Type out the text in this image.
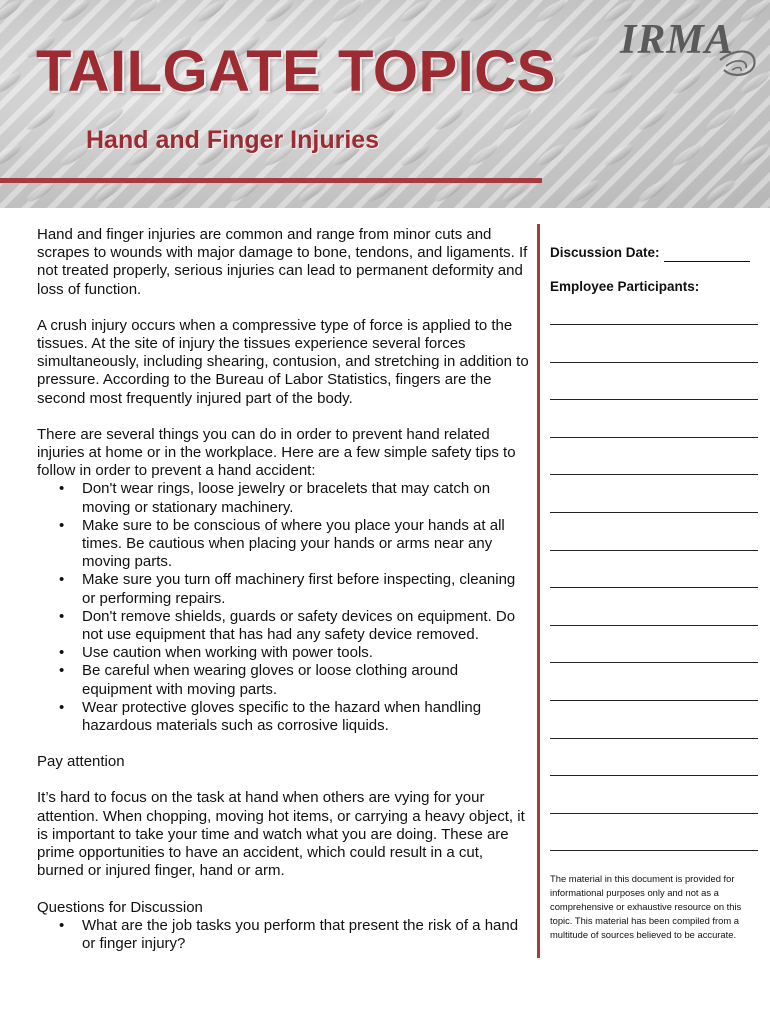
TAILGATE TOPICS
Hand and Finger Injuries
IRMA

Hand and finger injuries are common and range from minor cuts and scrapes to wounds with major damage to bone, tendons, and ligaments. If not treated properly, serious injuries can lead to permanent deformity and loss of function.

A crush injury occurs when a compressive type of force is applied to the tissues. At the site of injury the tissues experience several forces simultaneously, including shearing, contusion, and stretching in addition to pressure. According to the Bureau of Labor Statistics, fingers are the second most frequently injured part of the body.

There are several things you can do in order to prevent hand related injuries at home or in the workplace. Here are a few simple safety tips to follow in order to prevent a hand accident:

• Don't wear rings, loose jewelry or bracelets that may catch on moving or stationary machinery.
• Make sure to be conscious of where you place your hands at all times. Be cautious when placing your hands or arms near any moving parts.
• Make sure you turn off machinery first before inspecting, cleaning or performing repairs.
• Don't remove shields, guards or safety devices on equipment. Do not use equipment that has had any safety device removed.
• Use caution when working with power tools.
• Be careful when wearing gloves or loose clothing around equipment with moving parts.
• Wear protective gloves specific to the hazard when handling hazardous materials such as corrosive liquids.

Pay attention

It’s hard to focus on the task at hand when others are vying for your attention. When chopping, moving hot items, or carrying a heavy object, it is important to take your time and watch what you are doing. These are prime opportunities to have an accident, which could result in a cut, burned or injured finger, hand or arm.

Questions for Discussion

• What are the job tasks you perform that present the risk of a hand or finger injury?
Discussion Date:
Employee Participants:
The material in this document is provided for informational purposes only and not as a comprehensive or exhaustive resource on this topic. This material has been compiled from a multitude of sources believed to be accurate.
